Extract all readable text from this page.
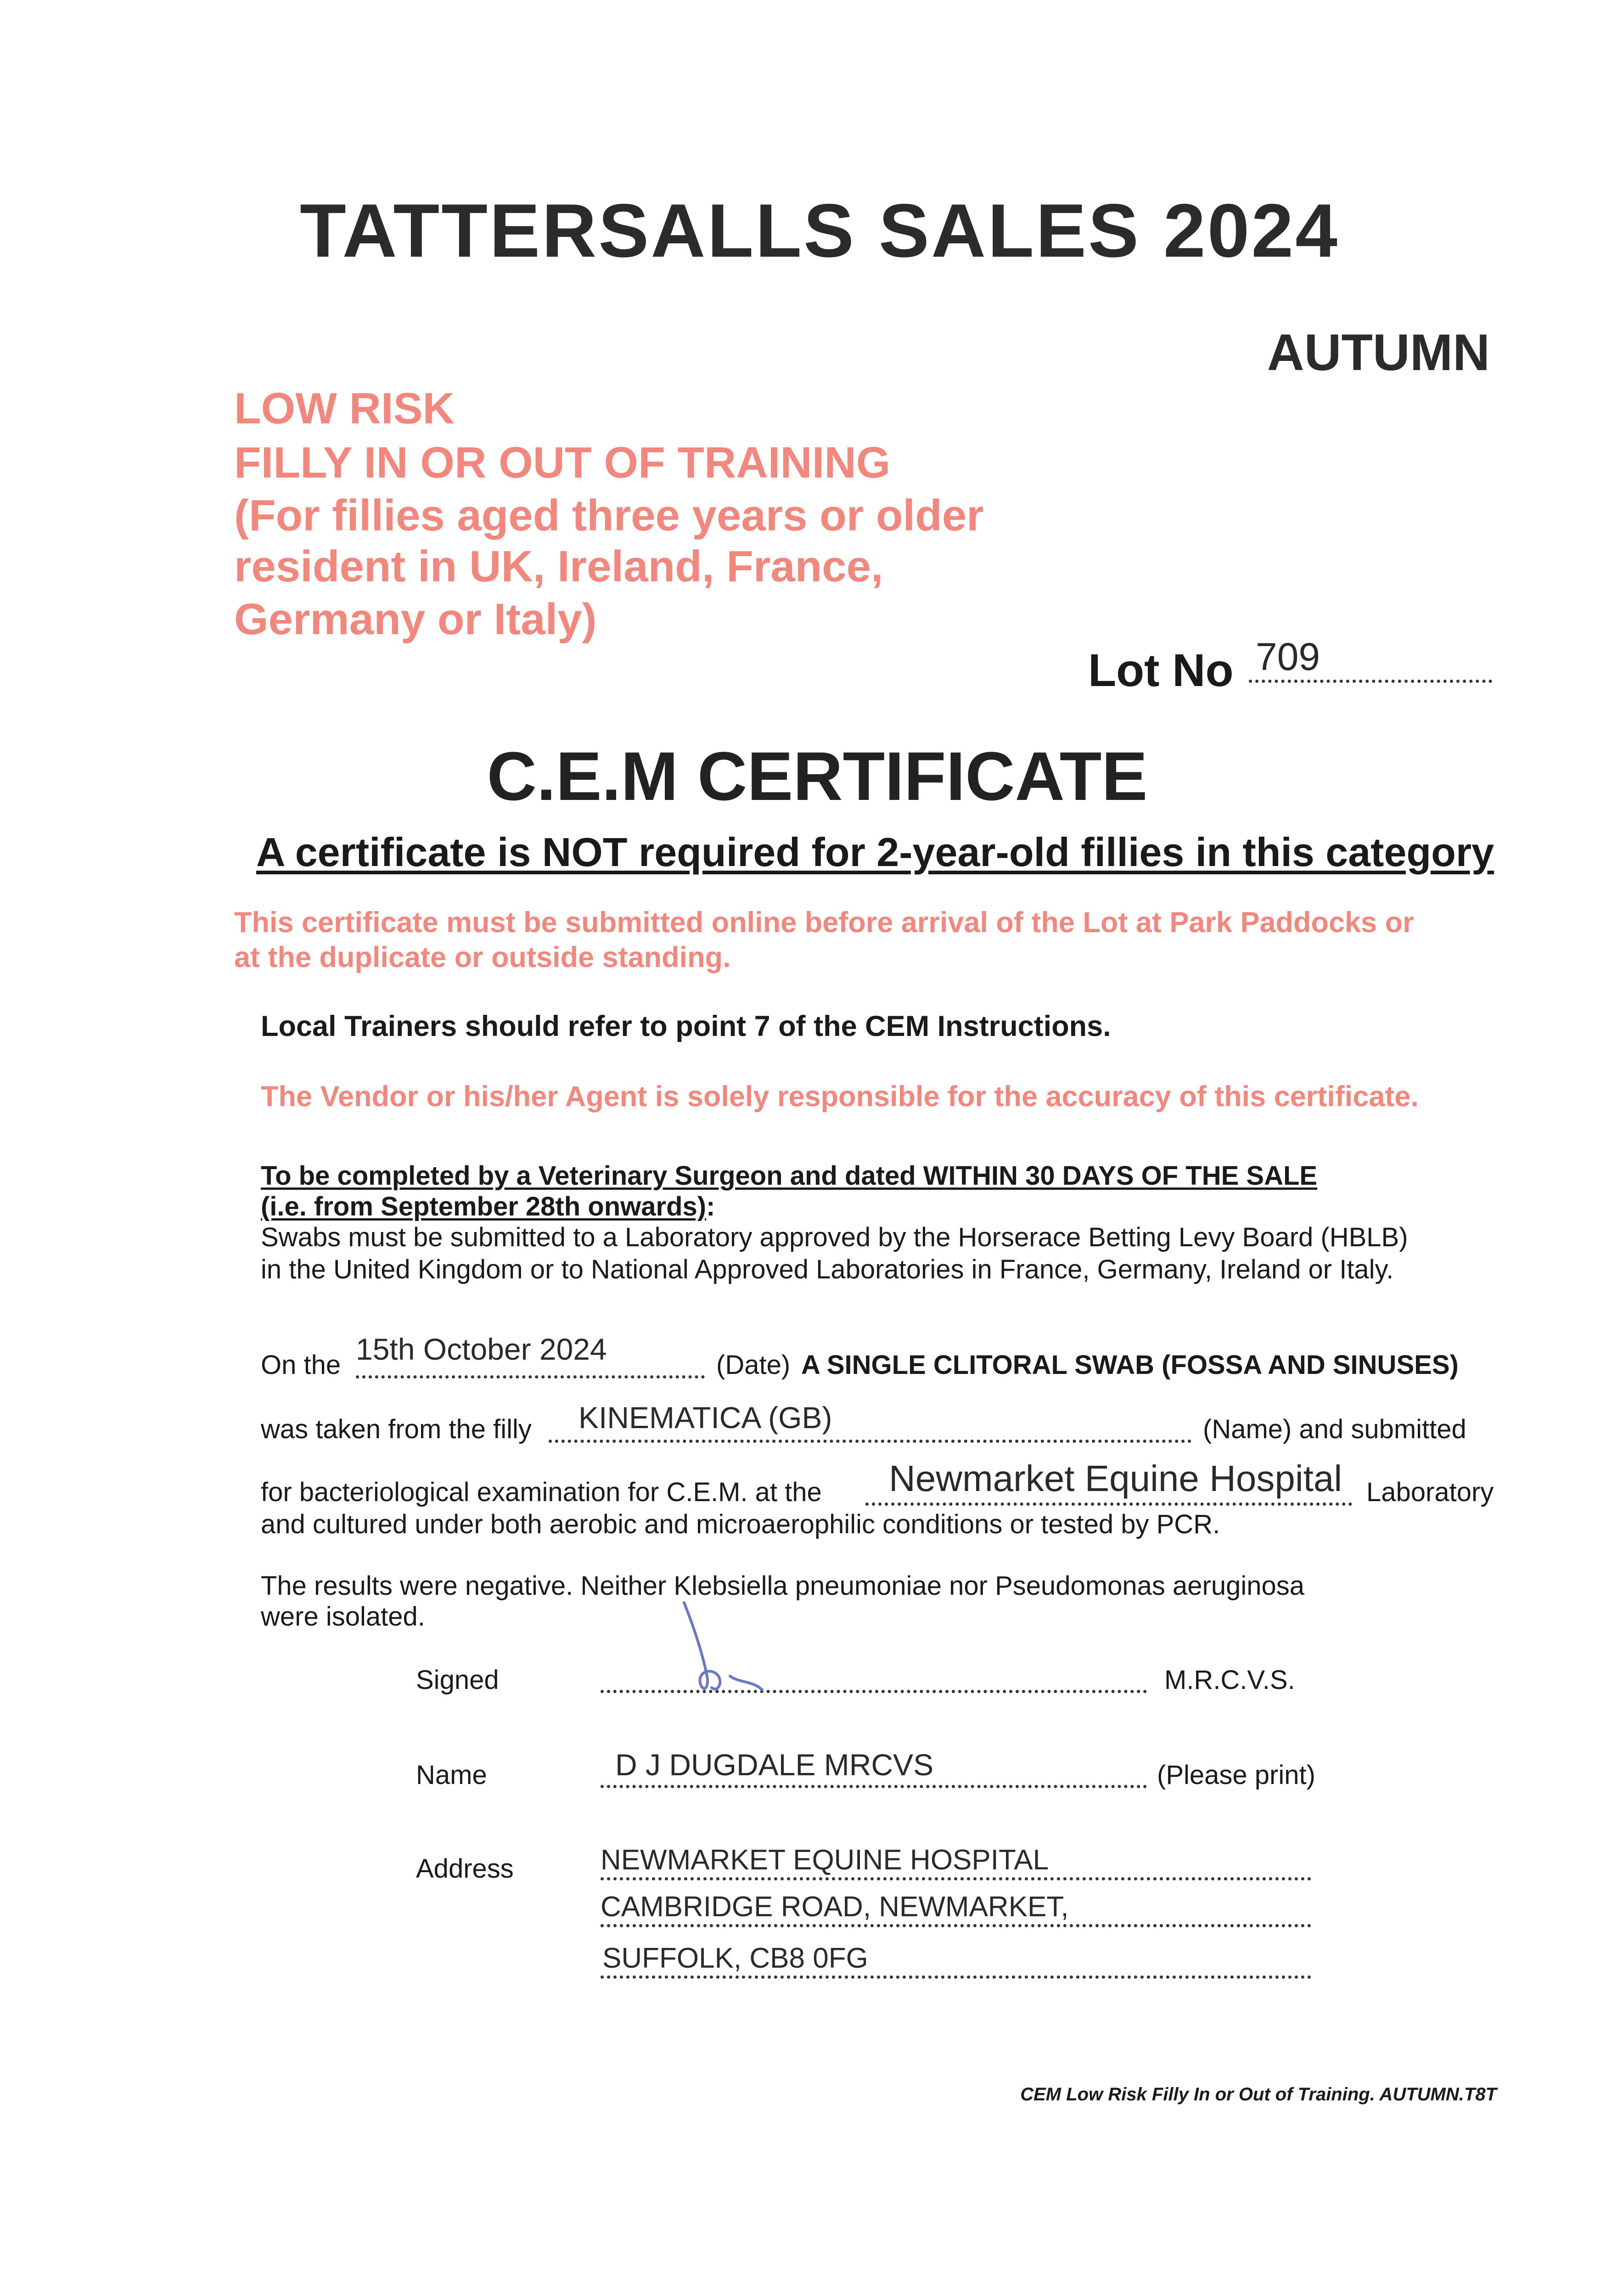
TATTERSALLS SALES 2024
AUTUMN
LOW RISK
FILLY IN OR OUT OF TRAINING
(For fillies aged three years or older
resident in UK, Ireland, France,
Germany or Italy)
Lot No 709
C.E.M CERTIFICATE
A certificate is NOT required for 2-year-old fillies in this category
This certificate must be submitted online before arrival of the Lot at Park Paddocks or
at the duplicate or outside standing.
Local Trainers should refer to point 7 of the CEM Instructions.
The Vendor or his/her Agent is solely responsible for the accuracy of this certificate.
To be completed by a Veterinary Surgeon and dated WITHIN 30 DAYS OF THE SALE
(i.e. from September 28th onwards):
Swabs must be submitted to a Laboratory approved by the Horserace Betting Levy Board (HBLB)
in the United Kingdom or to National Approved Laboratories in France, Germany, Ireland or Italy.
On the 15th October 2024	(Date) A SINGLE CLITORAL SWAB (FOSSA AND SINUSES)
was taken from the filly KINEMATICA (GB)	(Name) and submitted
for bacteriological examination for C.E.M. at the Newmarket Equine Hospital Laboratory
and cultured under both aerobic and microaerophilic conditions or tested by PCR.
The results were negative. Neither Klebsiella pneumoniae nor Pseudomonas aeruginosa
were isolated.
Signed	M.R.C.V.S.
Name	D J DUGDALE MRCVS	(Please print)
Address	NEWMARKET EQUINE HOSPITAL
CAMBRIDGE ROAD, NEWMARKET,
SUFFOLK, CB8 0FG
CEM Low Risk Filly In or Out of Training. AUTUMN.T8T
